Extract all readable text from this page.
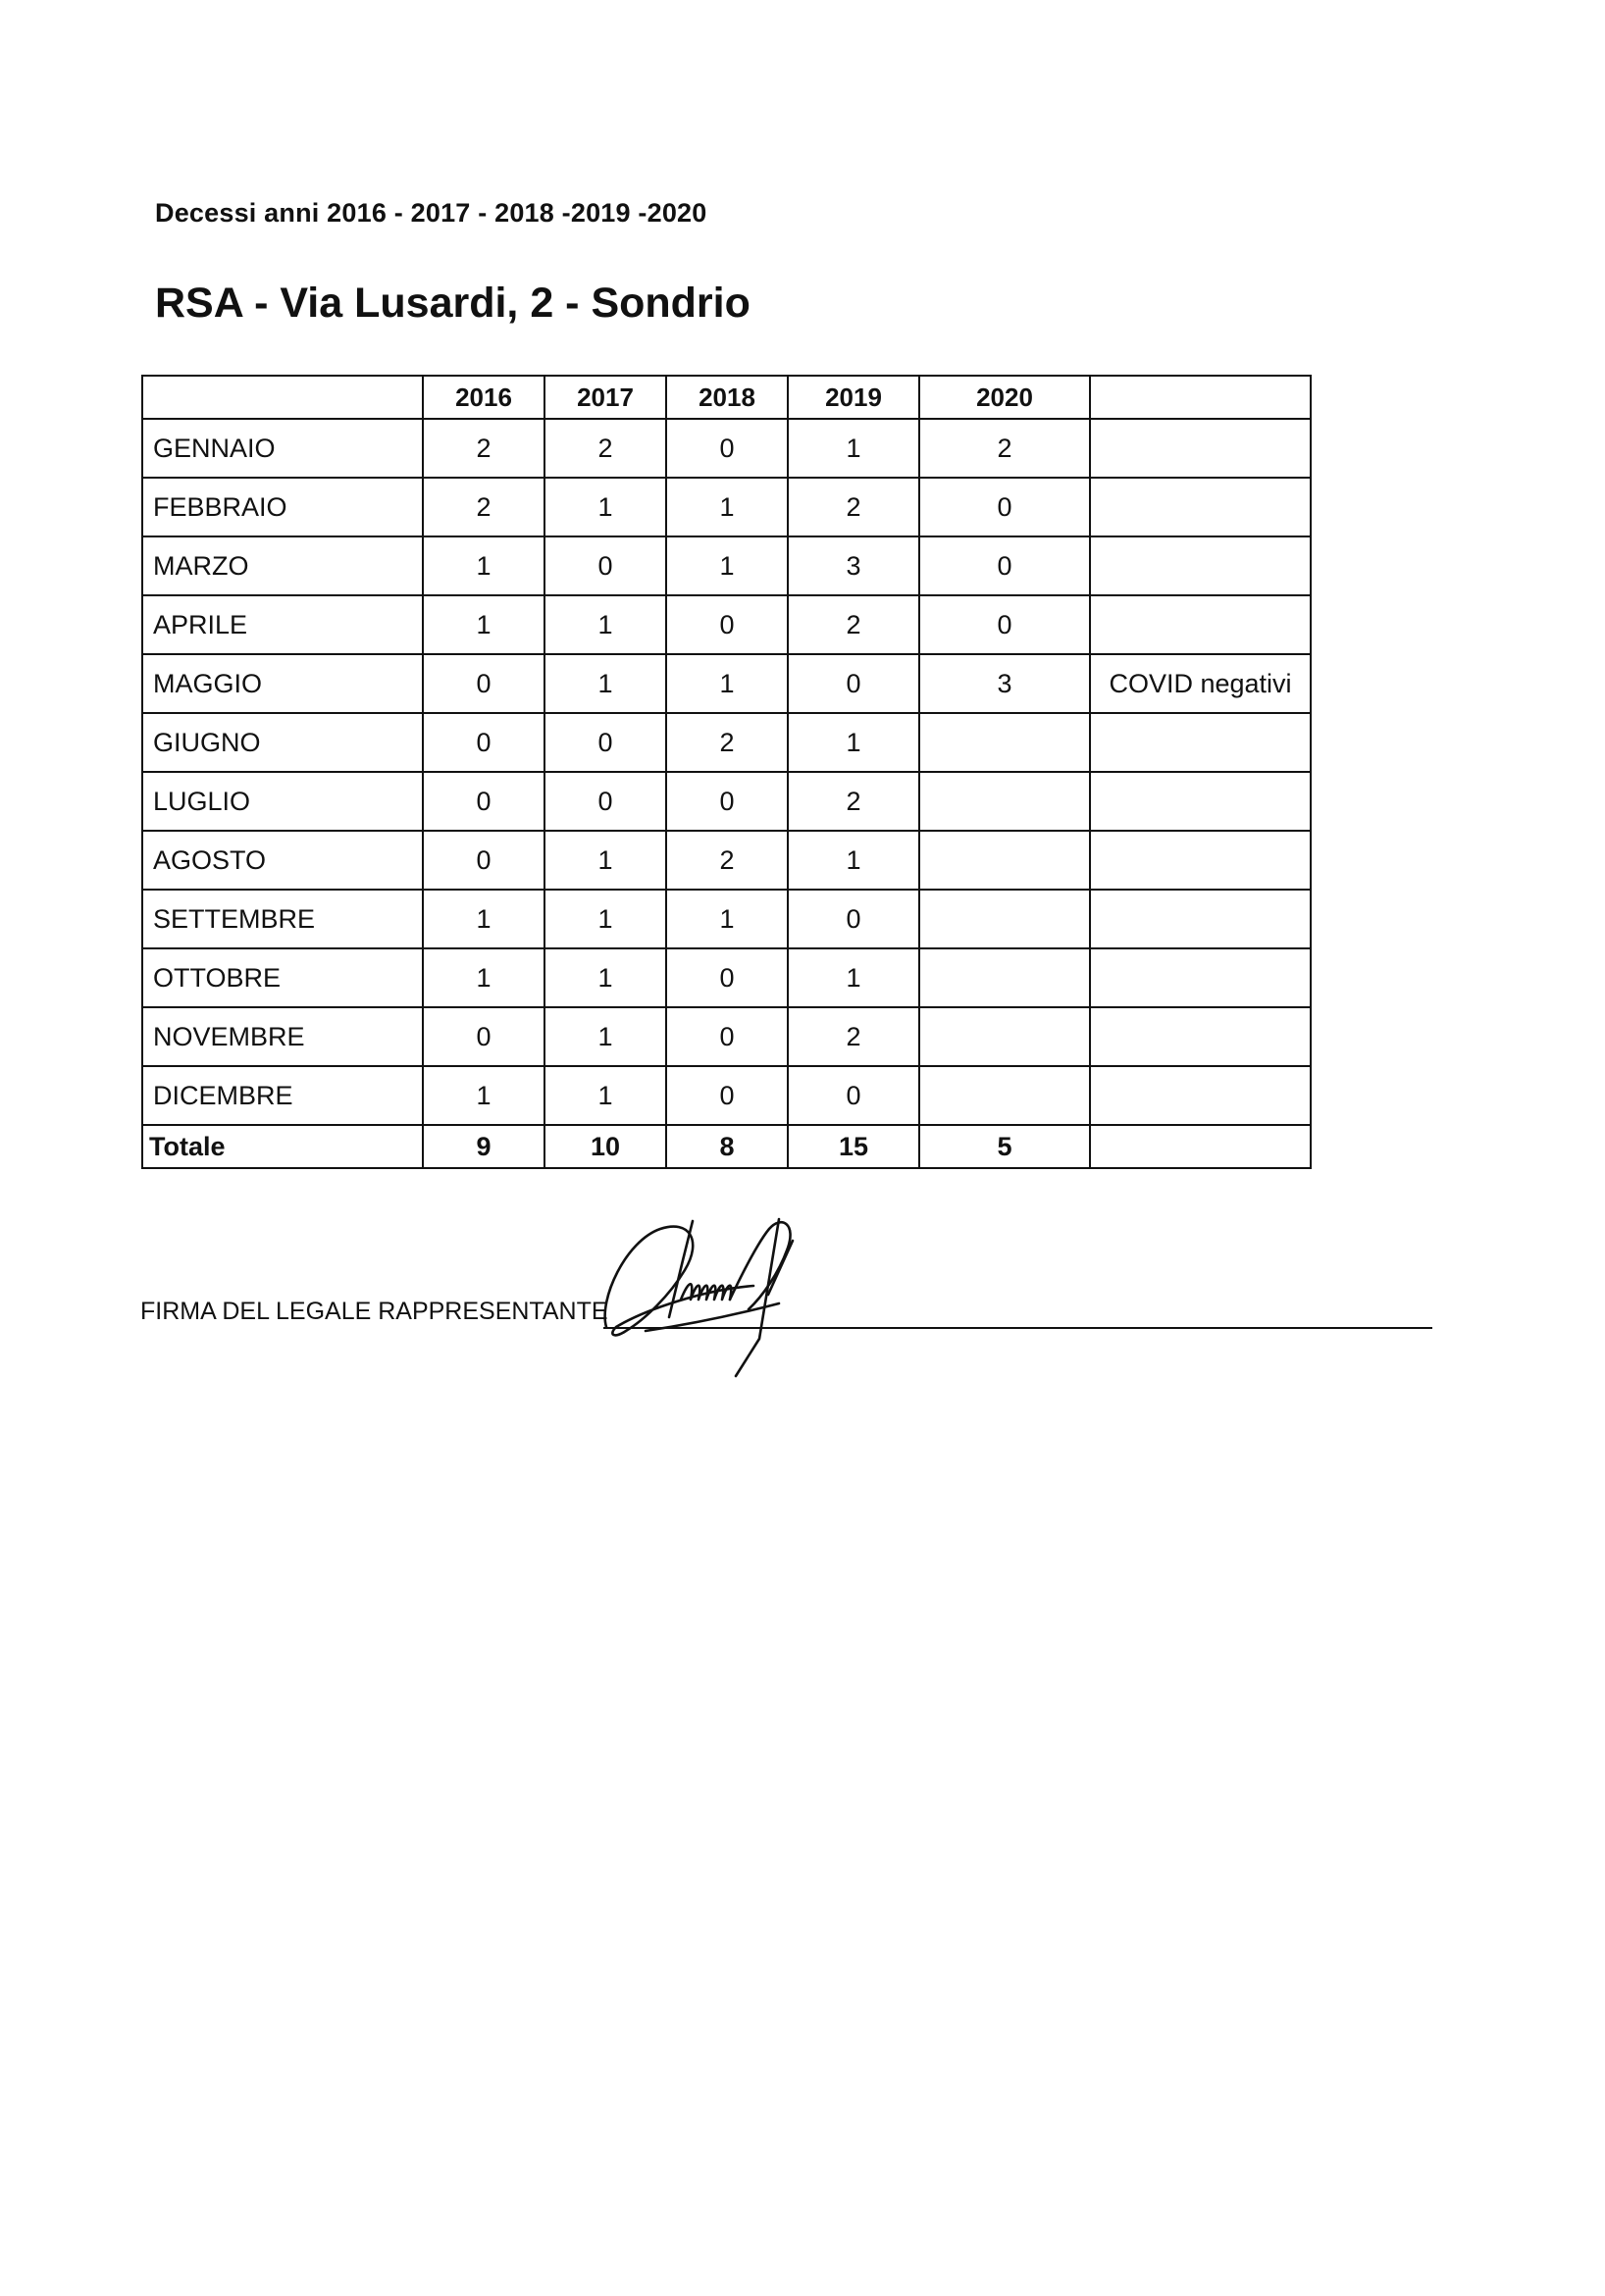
Decessi anni 2016 - 2017 - 2018 -2019 -2020
RSA - Via Lusardi, 2 - Sondrio
	2016	2017	2018	2019	2020	
GENNAIO	2	2	0	1	2	
FEBBRAIO	2	1	1	2	0	
MARZO	1	0	1	3	0	
APRILE	1	1	0	2	0	
MAGGIO	0	1	1	0	3	COVID negativi
GIUGNO	0	0	2	1		
LUGLIO	0	0	0	2		
AGOSTO	0	1	2	1		
SETTEMBRE	1	1	1	0		
OTTOBRE	1	1	0	1		
NOVEMBRE	0	1	0	2		
DICEMBRE	1	1	0	0		
Totale	9	10	8	15	5	
FIRMA DEL LEGALE RAPPRESENTANTE
